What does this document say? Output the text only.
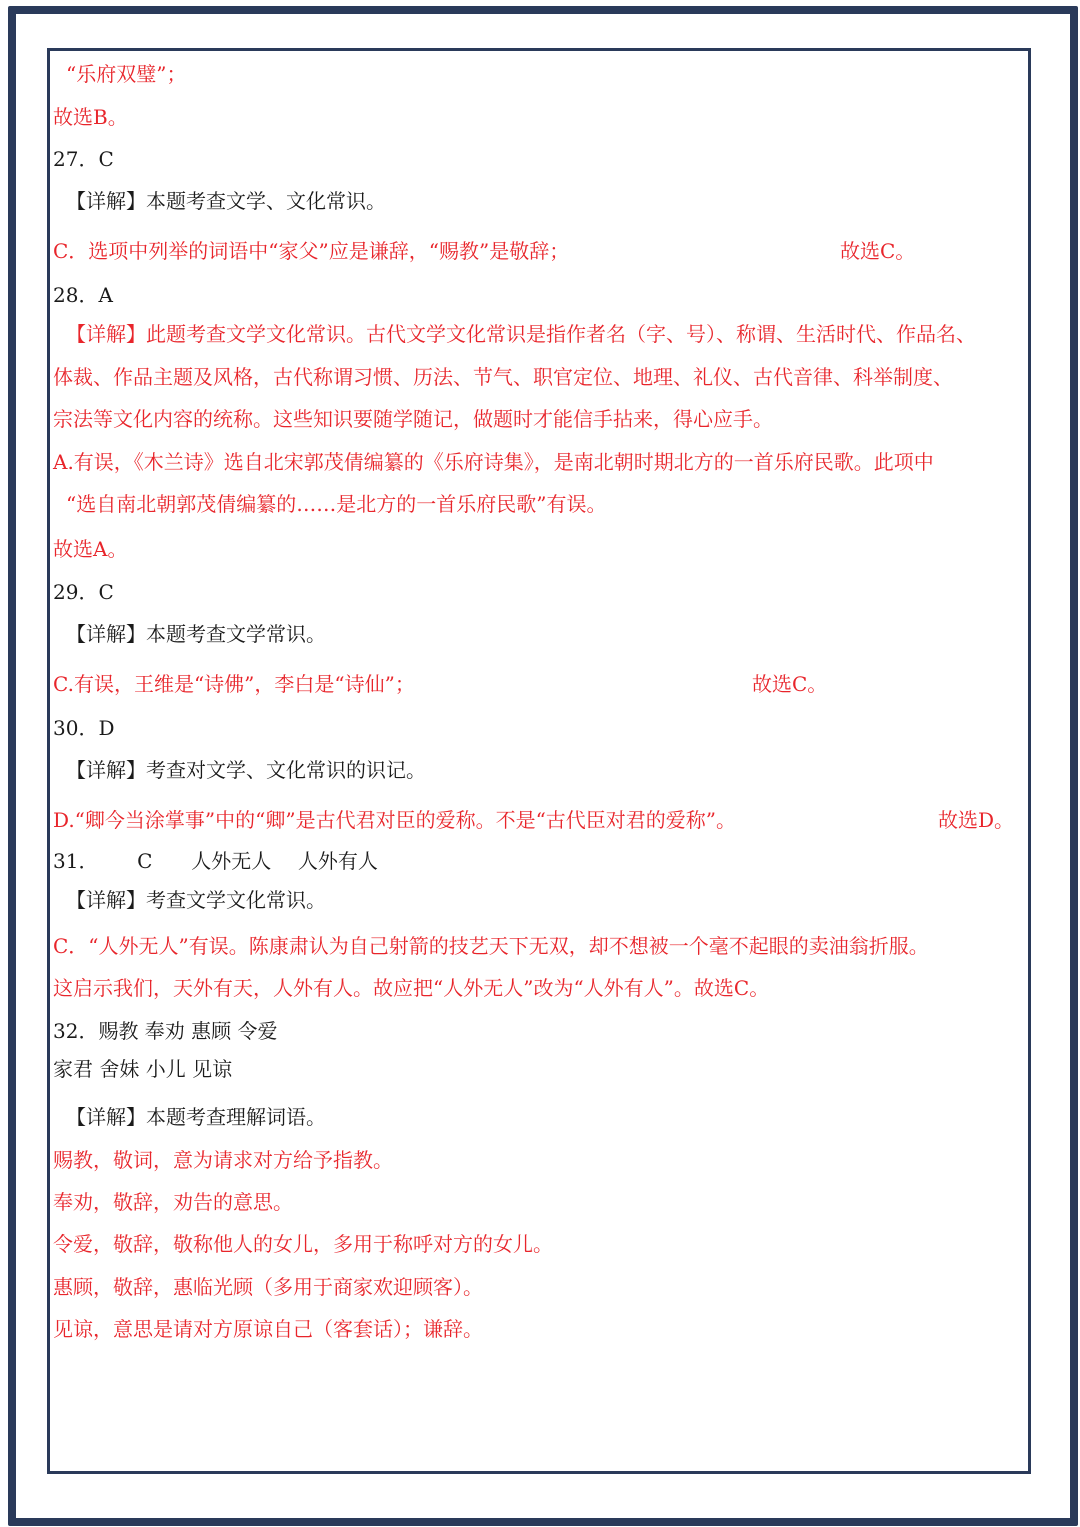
“乐府双璧”；
故选B。
27．C
【详解】本题考查文学、文化常识。
C．选项中列举的词语中“家父”应是谦辞，“赐教”是敬辞；	故选C。
28．A
【详解】此题考查文学文化常识。古代文学文化常识是指作者名（字、号）、称谓、生活时代、作品名、
体裁、作品主题及风格，古代称谓习惯、历法、节气、职官定位、地理、礼仪、古代音律、科举制度、
宗法等文化内容的统称。这些知识要随学随记，做题时才能信手拈来，得心应手。
A.有误，《木兰诗》选自北宋郭茂倩编纂的《乐府诗集》，是南北朝时期北方的一首乐府民歌。此项中
“选自南北朝郭茂倩编纂的……是北方的一首乐府民歌”有误。
故选A。
29．C
【详解】本题考查文学常识。
C.有误，王维是“诗佛”，李白是“诗仙”；	故选C。
30．D
【详解】考查对文学、文化常识的识记。
D.“卿今当涂掌事”中的“卿”是古代君对臣的爱称。不是“古代臣对君的爱称”。	故选D。
31． C 人外无人 人外有人
【详解】考查文学文化常识。
C．“人外无人”有误。陈康肃认为自己射箭的技艺天下无双，却不想被一个毫不起眼的卖油翁折服。
这启示我们，天外有天，人外有人。故应把“人外无人”改为“人外有人”。故选C。
32．赐教 奉劝 惠顾 令爱
家君 舍妹 小儿 见谅
【详解】本题考查理解词语。
赐教，敬词，意为请求对方给予指教。
奉劝，敬辞，劝告的意思。
令爱，敬辞，敬称他人的女儿，多用于称呼对方的女儿。
惠顾，敬辞，惠临光顾（多用于商家欢迎顾客）。
见谅，意思是请对方原谅自己（客套话）；谦辞。
